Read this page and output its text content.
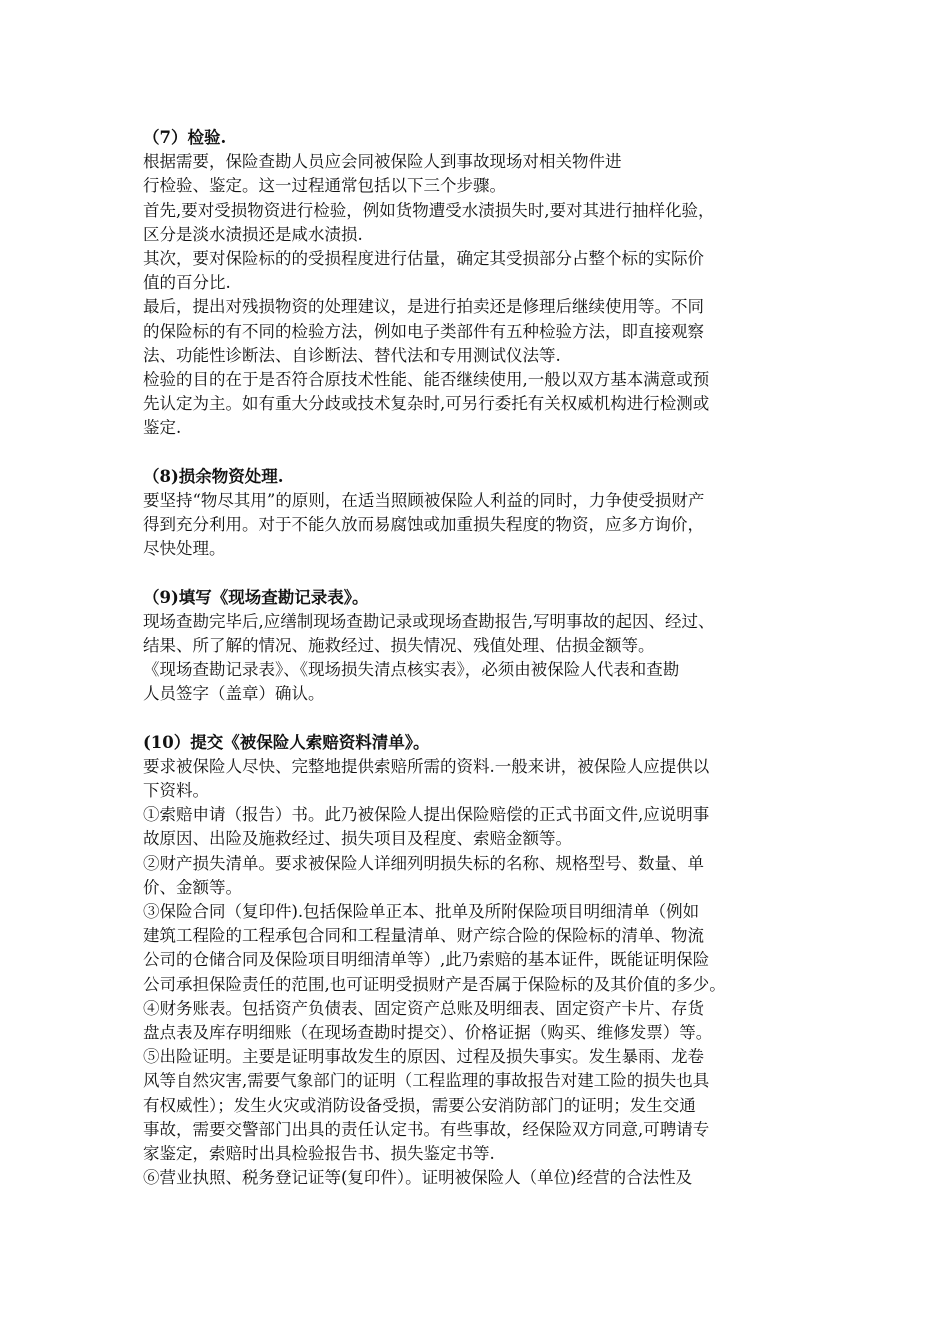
（7）检验.
根据需要，保险查勘人员应会同被保险人到事故现场对相关物件进
行检验、鉴定。这一过程通常包括以下三个步骤。
首先,要对受损物资进行检验，例如货物遭受水渍损失时,要对其进行抽样化验，
区分是淡水渍损还是咸水渍损.
其次，要对保险标的的受损程度进行估量，确定其受损部分占整个标的实际价
值的百分比.
最后，提出对残损物资的处理建议，是进行拍卖还是修理后继续使用等。不同
的保险标的有不同的检验方法，例如电子类部件有五种检验方法，即直接观察
法、功能性诊断法、自诊断法、替代法和专用测试仪法等.
检验的目的在于是否符合原技术性能、能否继续使用,一般以双方基本满意或预
先认定为主。如有重大分歧或技术复杂时,可另行委托有关权威机构进行检测或
鉴定.
（8)损余物资处理.
要坚持“物尽其用”的原则，在适当照顾被保险人利益的同时，力争使受损财产
得到充分利用。对于不能久放而易腐蚀或加重损失程度的物资，应多方询价，
尽快处理。
（9)填写《现场查勘记录表》。
现场查勘完毕后,应缮制现场查勘记录或现场查勘报告,写明事故的起因、经过、
结果、所了解的情况、施救经过、损失情况、残值处理、估损金额等。
《现场查勘记录表》、《现场损失清点核实表》，必须由被保险人代表和查勘
人员签字（盖章）确认。
(10）提交《被保险人索赔资料清单》。
要求被保险人尽快、完整地提供索赔所需的资料.一般来讲，被保险人应提供以
下资料。
①索赔申请（报告）书。此乃被保险人提出保险赔偿的正式书面文件,应说明事
故原因、出险及施救经过、损失项目及程度、索赔金额等。
②财产损失清单。要求被保险人详细列明损失标的名称、规格型号、数量、单
价、金额等。
③保险合同（复印件).包括保险单正本、批单及所附保险项目明细清单（例如
建筑工程险的工程承包合同和工程量清单、财产综合险的保险标的清单、物流
公司的仓储合同及保险项目明细清单等）,此乃索赔的基本证件，既能证明保险
公司承担保险责任的范围,也可证明受损财产是否属于保险标的及其价值的多少。
④财务账表。包括资产负债表、固定资产总账及明细表、固定资产卡片、存货
盘点表及库存明细账（在现场查勘时提交）、价格证据（购买、维修发票）等。
⑤出险证明。主要是证明事故发生的原因、过程及损失事实。发生暴雨、龙卷
风等自然灾害,需要气象部门的证明（工程监理的事故报告对建工险的损失也具
有权威性）；发生火灾或消防设备受损，需要公安消防部门的证明；发生交通
事故，需要交警部门出具的责任认定书。有些事故，经保险双方同意,可聘请专
家鉴定，索赔时出具检验报告书、损失鉴定书等.
⑥营业执照、税务登记证等(复印件）。证明被保险人（单位)经营的合法性及
